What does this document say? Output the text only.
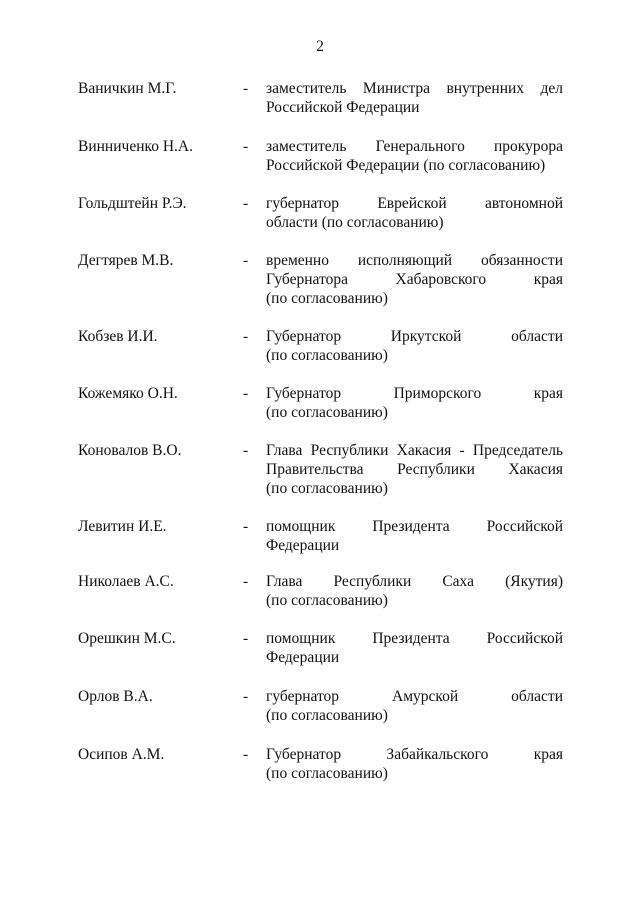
2
Ваничкин М.Г.	- заместитель Министра внутренних дел
Российской Федерации
Винниченко Н.А.	- заместитель Генерального прокурора
Российской Федерации (по согласованию)
Гольдштейн Р.Э.	- губернатор Еврейской автономной
области (по согласованию)
Дегтярев М.В.	- временно исполняющий обязанности
Губернатора Хабаровского края
(по согласованию)
Кобзев И.И.	- Губернатор Иркутской области
(по согласованию)
Кожемяко О.Н.	- Губернатор Приморского края
(по согласованию)
Коновалов В.О.	- Глава Республики Хакасия - Председатель
Правительства Республики Хакасия
(по согласованию)
Левитин И.Е.	- помощник Президента Российской
Федерации
Николаев А.С.	- Глава Республики Саха (Якутия)
(по согласованию)
Орешкин М.С.	- помощник Президента Российской
Федерации
Орлов В.А.	- губернатор Амурской области
(по согласованию)
Осипов А.М.	- Губернатор Забайкальского края
(по согласованию)
